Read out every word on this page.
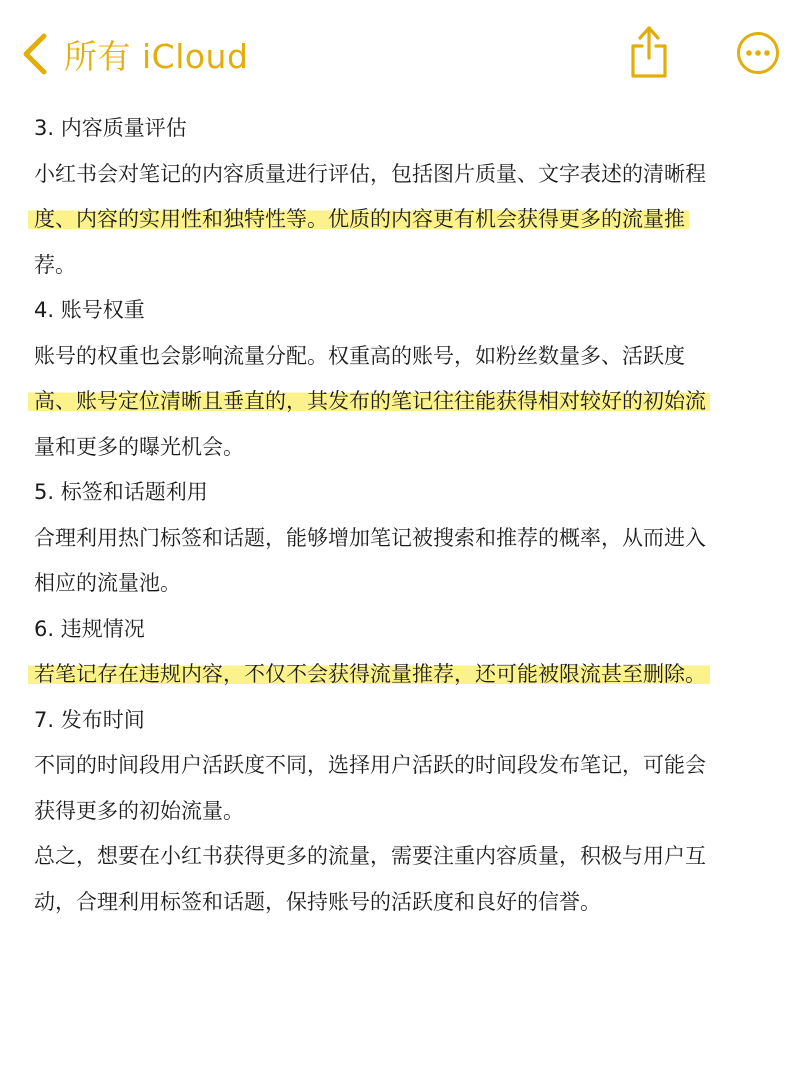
所有 iCloud

3. 内容质量评估

小红书会对笔记的内容质量进行评估，包括图片质量、文字表述的清晰程

度、内容的实用性和独特性等。优质的内容更有机会获得更多的流量推

荐。

4. 账号权重

账号的权重也会影响流量分配。权重高的账号，如粉丝数量多、活跃度

高、账号定位清晰且垂直的，其发布的笔记往往能获得相对较好的初始流

量和更多的曝光机会。

5. 标签和话题利用

合理利用热门标签和话题，能够增加笔记被搜索和推荐的概率，从而进入

相应的流量池。

6. 违规情况

若笔记存在违规内容，不仅不会获得流量推荐，还可能被限流甚至删除。

7. 发布时间

不同的时间段用户活跃度不同，选择用户活跃的时间段发布笔记，可能会

获得更多的初始流量。

总之，想要在小红书获得更多的流量，需要注重内容质量，积极与用户互

动，合理利用标签和话题，保持账号的活跃度和良好的信誉。
